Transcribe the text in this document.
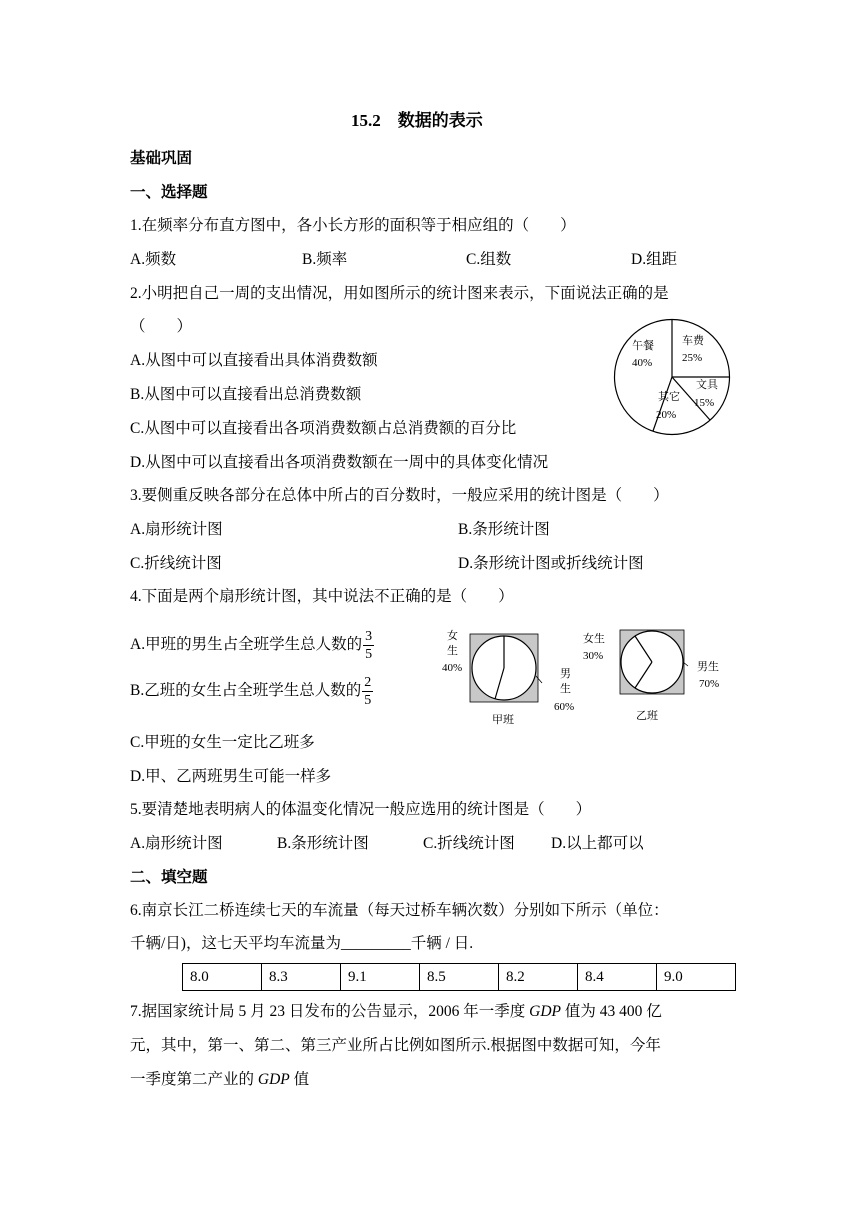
15.2　数据的表示
基础巩固
一、选择题
1.在频率分布直方图中，各小长方形的面积等于相应组的（　　）
A.频数	B.频率	C.组数	D.组距
2.小明把自己一周的支出情况，用如图所示的统计图来表示，下面说法正确的是
（　　）
A.从图中可以直接看出具体消费数额
B.从图中可以直接看出总消费数额
C.从图中可以直接看出各项消费数额占总消费额的百分比
D.从图中可以直接看出各项消费数额在一周中的具体变化情况
午餐
40%
车费
25%
文具
15%
其它
20%
3.要侧重反映各部分在总体中所占的百分数时，一般应采用的统计图是（　　）
A.扇形统计图	B.条形统计图
C.折线统计图	D.条形统计图或折线统计图
4.下面是两个扇形统计图，其中说法不正确的是（　　）
A.甲班的男生占全班学生总人数的 $\frac{3}{5}$
B.乙班的女生占全班学生总人数的 $\frac{2}{5}$
C.甲班的女生一定比乙班多
D.甲、乙两班男生可能一样多
女
生
40%	男
生
60%
甲班
女生
30%
男生
70%
乙班
5.要清楚地表明病人的体温变化情况一般应选用的统计图是（　　）
A.扇形统计图	B.条形统计图	C.折线统计图 D.以上都可以
二、填空题
6.南京长江二桥连续七天的车流量（每天过桥车辆次数）分别如下所示（单位：
千辆/日)，这七天平均车流量为_________千辆 / 日.
8.0	8.3	9.1	8.5	8.2	8.4	9.0
7.据国家统计局 5 月 23 日发布的公告显示，2006 年一季度 GDP 值为 43 400 亿
元，其中，第一、第二、第三产业所占比例如图所示.根据图中数据可知，今年
一季度第二产业的 GDP 值
